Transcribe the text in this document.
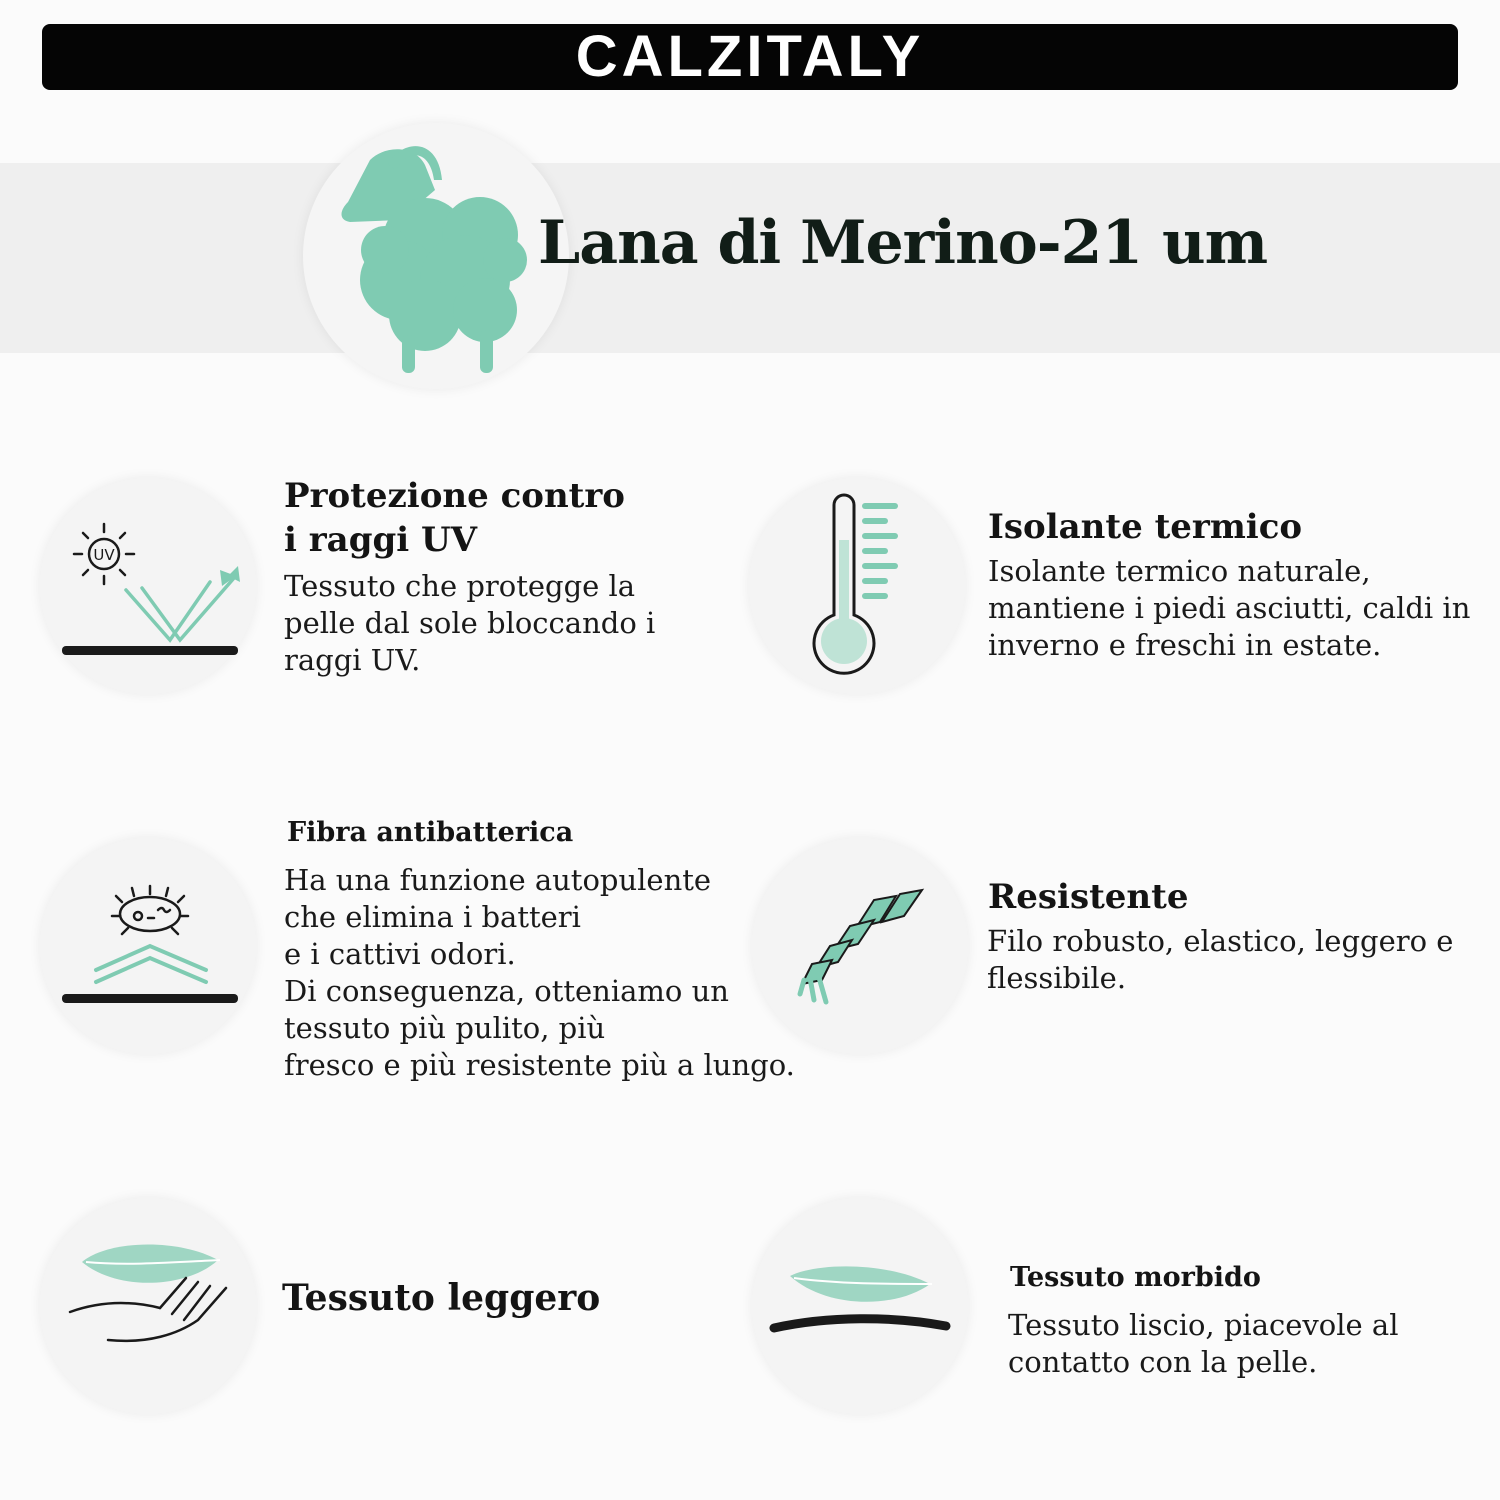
CALZITALY
Lana di Merino-21 um
UV
Protezione contro
i raggi UV
Tessuto che protegge la
pelle dal sole bloccando i
raggi UV.
Isolante termico
Isolante termico naturale,
mantiene i piedi asciutti, caldi in
inverno e freschi in estate.
Fibra antibatterica
Ha una funzione autopulente
che elimina i batteri
e i cattivi odori.
Di conseguenza, otteniamo un
tessuto più pulito, più
fresco e più resistente più a lungo.
Resistente
Filo robusto, elastico, leggero e
flessibile.
Tessuto leggero	Tessuto morbido
Tessuto liscio, piacevole al
contatto con la pelle.
